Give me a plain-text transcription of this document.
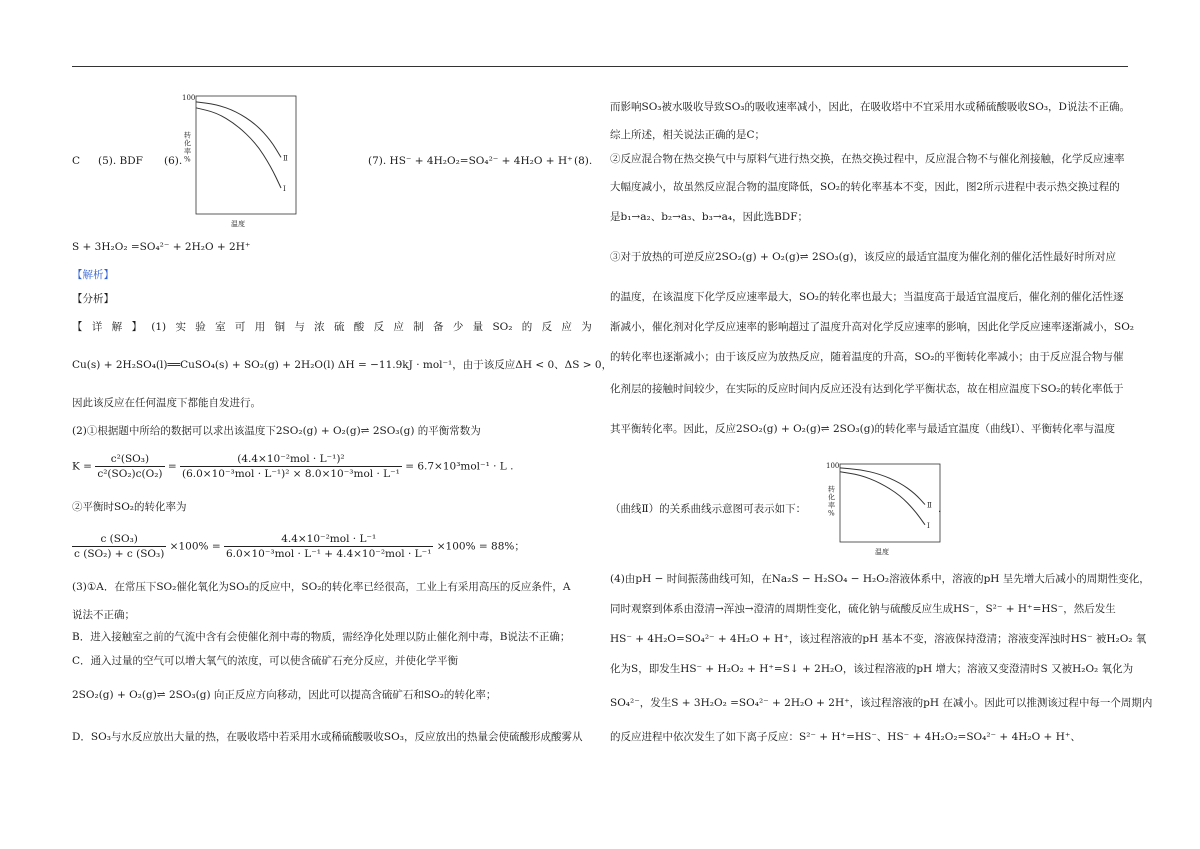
C (5). BDF (6).	(7). HS⁻ + 4H₂O₂=SO₄²⁻ + 4H₂O + H⁺ (8).
100
转
化
率
%
温度
Ⅱ
Ⅰ
S + 3H₂O₂ =SO₄²⁻ + 2H₂O + 2H⁺
【解析】
【分析】
【 详 解 】 (1) 实 验 室 可 用 铜 与 浓 硫 酸 反 应 制 备 少 量 SO₂ 的 反 应 为
Cu(s) + 2H₂SO₄(l)══CuSO₄(s) + SO₂(g) + 2H₂O(l) ΔH = −11.9kJ · mol⁻¹，由于该反应ΔH < 0、ΔS > 0，
因此该反应在任何温度下都能自发进行。
(2)①根据题中所给的数据可以求出该温度下2SO₂(g) + O₂(g)⇌ 2SO₃(g) 的平衡常数为
$K = \frac{\text{c²(SO₃)}}{\text{c²(SO₂)c(O₂)}} = \frac{\text{(4.4×10⁻²mol · L⁻¹)²}}{\text{(6.0×10⁻³mol · L⁻¹)² × 8.0×10⁻³mol · L⁻¹}} = 6.7\times 10^3mol^{-1} \cdot L$ .
②平衡时SO₂的转化率为
$\frac{\text{c (SO₃)}}{\text{c (SO₂) + c (SO₃)}} \times 100\% = \frac{\text{4.4×10⁻²mol · L⁻¹}}{\text{6.0×10⁻³mol · L⁻¹ + 4.4×10⁻²mol · L⁻¹}} \times 100\% = 88\%$；
(3)①A．在常压下SO₂催化氧化为SO₃的反应中，SO₂的转化率已经很高，工业上有采用高压的反应条件，A
说法不正确；
B．进入接触室之前的气流中含有会使催化剂中毒的物质，需经净化处理以防止催化剂中毒，B说法不正确；
C．通入过量的空气可以增大氧气的浓度，可以使含硫矿石充分反应，并使化学平衡
2SO₂(g) + O₂(g)⇌ 2SO₃(g) 向正反应方向移动，因此可以提高含硫矿石和SO₂的转化率；
D．SO₃与水反应放出大量的热，在吸收塔中若采用水或稀硫酸吸收SO₃，反应放出的热量会使硫酸形成酸雾从
而影响SO₃被水吸收导致SO₃的吸收速率减小，因此，在吸收塔中不宜采用水或稀硫酸吸收SO₃，D说法不正确。
综上所述，相关说法正确的是C；
②反应混合物在热交换气中与原料气进行热交换，在热交换过程中，反应混合物不与催化剂接触，化学反应速率
大幅度减小，故虽然反应混合物的温度降低，SO₂的转化率基本不变，因此，图2所示进程中表示热交换过程的
是b₁→a₂、b₂→a₃、b₃→a₄，因此选BDF；
③对于放热的可逆反应2SO₂(g) + O₂(g)⇌ 2SO₃(g)，该反应的最适宜温度为催化剂的催化活性最好时所对应
的温度，在该温度下化学反应速率最大，SO₂的转化率也最大；当温度高于最适宜温度后，催化剂的催化活性逐
渐减小，催化剂对化学反应速率的影响超过了温度升高对化学反应速率的影响，因此化学反应速率逐渐减小，SO₂
的转化率也逐渐减小；由于该反应为放热反应，随着温度的升高，SO₂的平衡转化率减小；由于反应混合物与催
化剂层的接触时间较少，在实际的反应时间内反应还没有达到化学平衡状态，故在相应温度下SO₂的转化率低于
其平衡转化率。因此，反应2SO₂(g) + O₂(g)⇌ 2SO₃(g)的转化率与最适宜温度（曲线Ⅰ）、平衡转化率与温度
（曲线Ⅱ）的关系曲线示意图可表示如下：
100
转
化
率
%
温度
Ⅱ
Ⅰ
.
(4)由pH − 时间振荡曲线可知，在Na₂S − H₂SO₄ − H₂O₂溶液体系中，溶液的pH 呈先增大后减小的周期性变化，
同时观察到体系由澄清→浑浊→澄清的周期性变化，硫化钠与硫酸反应生成HS⁻，S²⁻ + H⁺=HS⁻，然后发生
HS⁻ + 4H₂O=SO₄²⁻ + 4H₂O + H⁺，该过程溶液的pH 基本不变，溶液保持澄清；溶液变浑浊时HS⁻ 被H₂O₂ 氧
化为S，即发生HS⁻ + H₂O₂ + H⁺=S↓ + 2H₂O，该过程溶液的pH 增大；溶液又变澄清时S 又被H₂O₂ 氧化为
SO₄²⁻，发生S + 3H₂O₂ =SO₄²⁻ + 2H₂O + 2H⁺，该过程溶液的pH 在减小。因此可以推测该过程中每一个周期内
的反应进程中依次发生了如下离子反应：S²⁻ + H⁺=HS⁻、HS⁻ + 4H₂O₂=SO₄²⁻ + 4H₂O + H⁺、
